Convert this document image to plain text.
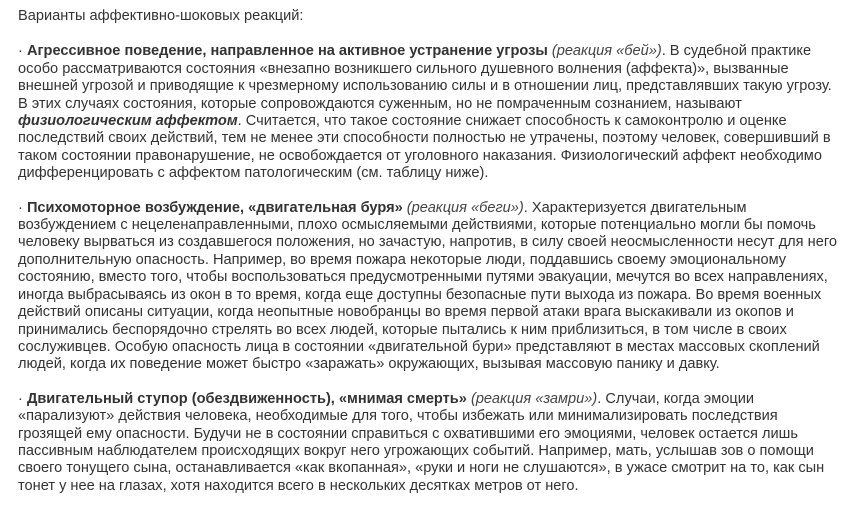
Варианты аффективно-шоковых реакций:

· Агрессивное поведение, направленное на активное устранение угрозы (реакция «бей»). В судебной практике особо рассматриваются состояния «внезапно возникшего сильного душевного волнения (аффекта)», вызванные внешней угрозой и приводящие к чрезмерному использованию силы и в отношении лиц, представлявших такую угрозу. В этих случаях состояния, которые сопровождаются суженным, но не помраченным сознанием, называют физиологическим аффектом. Считается, что такое состояние снижает способность к самоконтролю и оценке последствий своих действий, тем не менее эти способности полностью не утрачены, поэтому человек, совершивший в таком состоянии правонарушение, не освобождается от уголовного наказания. Физиологический аффект необходимо дифференцировать с аффектом патологическим (см. таблицу ниже).

· Психомоторное возбуждение, «двигательная буря» (реакция «беги»). Характеризуется двигательным возбуждением с нецеленаправленными, плохо осмысляемыми действиями, которые потенциально могли бы помочь человеку вырваться из создавшегося положения, но зачастую, напротив, в силу своей неосмысленности несут для него дополнительную опасность. Например, во время пожара некоторые люди, поддавшись своему эмоциональному состоянию, вместо того, чтобы воспользоваться предусмотренными путями эвакуации, мечутся во всех направлениях, иногда выбрасываясь из окон в то время, когда еще доступны безопасные пути выхода из пожара. Во время военных действий описаны ситуации, когда неопытные новобранцы во время первой атаки врага выскакивали из окопов и принимались беспорядочно стрелять во всех людей, которые пытались к ним приблизиться, в том числе в своих сослуживцев. Особую опасность лица в состоянии «двигательной бури» представляют в местах массовых скоплений людей, когда их поведение может быстро «заражать» окружающих, вызывая массовую панику и давку.

· Двигательный ступор (обездвиженность), «мнимая смерть» (реакция «замри»). Случаи, когда эмоции «парализуют» действия человека, необходимые для того, чтобы избежать или минимализировать последствия грозящей ему опасности. Будучи не в состоянии справиться с охватившими его эмоциями, человек остается лишь пассивным наблюдателем происходящих вокруг него угрожающих событий. Например, мать, услышав зов о помощи своего тонущего сына, останавливается «как вкопанная», «руки и ноги не слушаются», в ужасе смотрит на то, как сын тонет у нее на глазах, хотя находится всего в нескольких десятках метров от него.
